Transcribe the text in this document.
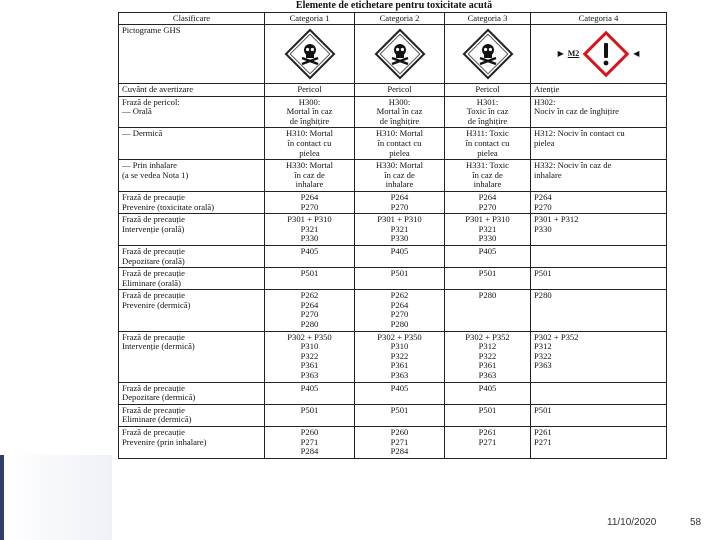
Elemente de etichetare pentru toxicitate acută
Clasificare	Categoria 1	Categoria 2	Categoria 3	Categoria 4
Pictograme GHS				▶ M2 ◀

Cuvânt de avertizare	Pericol	Pericol	Pericol	Atenție

Frază de pericol:
— Orală	H300:
Mortal în caz
de înghițire	H300:
Mortal în caz
de înghițire	H301:
Toxic în caz
de înghițire	H302:
Nociv în caz de înghițire

— Dermică	H310: Mortal
în contact cu
pielea	H310: Mortal
în contact cu
pielea	H311: Toxic
în contact cu
pielea	H312: Nociv în contact cu
pielea

— Prin inhalare
(a se vedea Nota 1)	H330: Mortal
în caz de
inhalare	H330: Mortal
în caz de
inhalare	H331: Toxic
în caz de
inhalare	H332: Nociv în caz de
inhalare

Frază de precauție
Prevenire (toxicitate orală)	P264
P270	P264
P270	P264
P270	P264
P270

Frază de precauție
Intervenție (orală)	P301 + P310
P321
P330	P301 + P310
P321
P330	P301 + P310
P321
P330	P301 + P312
P330

Frază de precauție
Depozitare (orală)	P405	P405	P405	

Frază de precauție
Eliminare (orală)	P501	P501	P501	P501

Frază de precauție
Prevenire (dermică)	P262
P264
P270
P280	P262
P264
P270
P280	P280	P280

Frază de precauție
Intervenție (dermică)	P302 + P350
P310
P322
P361
P363	P302 + P350
P310
P322
P361
P363	P302 + P352
P312
P322
P361
P363	P302 + P352
P312
P322
P363

Frază de precauție
Depozitare (dermică)	P405	P405	P405	

Frază de precauție
Eliminare (dermică)	P501	P501	P501	P501

Frază de precauție
Prevenire (prin inhalare)	P260
P271
P284	P260
P271
P284	P261
P271	P261
P271
11/10/2020	58
